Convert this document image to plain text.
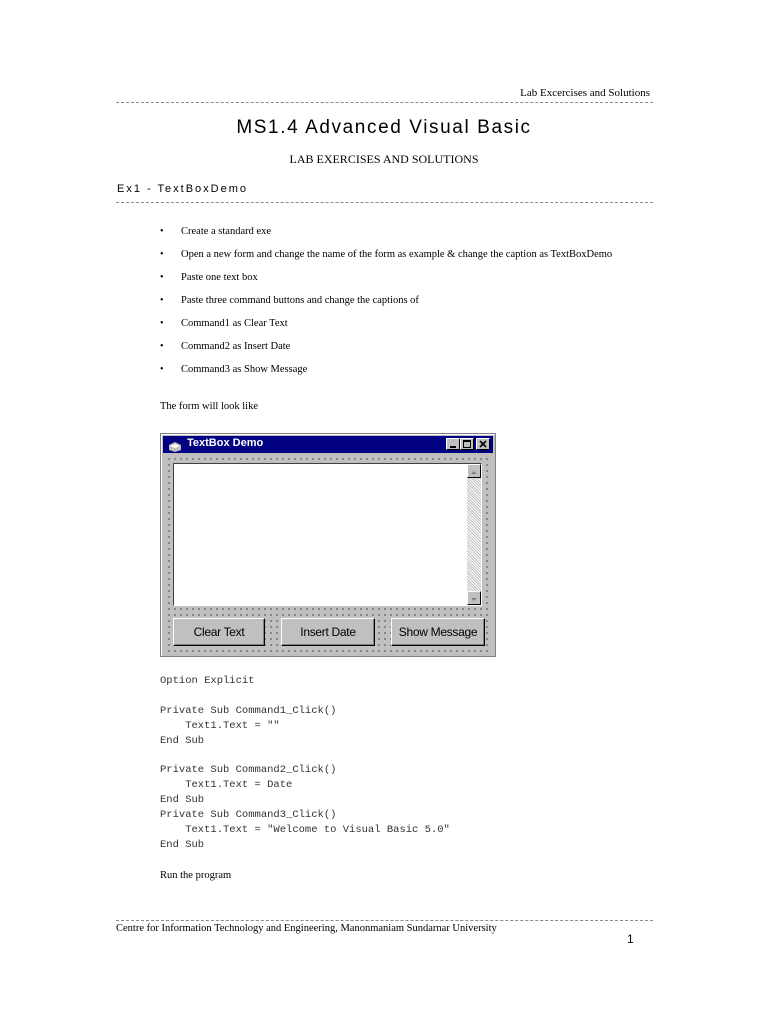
Lab Excercises and Solutions
MS1.4 Advanced Visual Basic
LAB EXERCISES AND SOLUTIONS
Ex1 - TextBoxDemo
• Create a standard exe
• Open a new form and change the name of the form as example & change the caption as TextBoxDemo
• Paste one text box
• Paste three command buttons and change the captions of
• Command1 as Clear Text
• Command2 as Insert Date
• Command3 as Show Message
The form will look like
TextBox Demo
Clear Text	Insert Date	Show Message
Option Explicit

Private Sub Command1_Click()
Text1.Text = ""
End Sub

Private Sub Command2_Click()
Text1.Text = Date
End Sub
Private Sub Command3_Click()
Text1.Text = "Welcome to Visual Basic 5.0"
End Sub
Run the program
Centre for Information Technology and Engineering, Manonmaniam Sundarnar University
1
